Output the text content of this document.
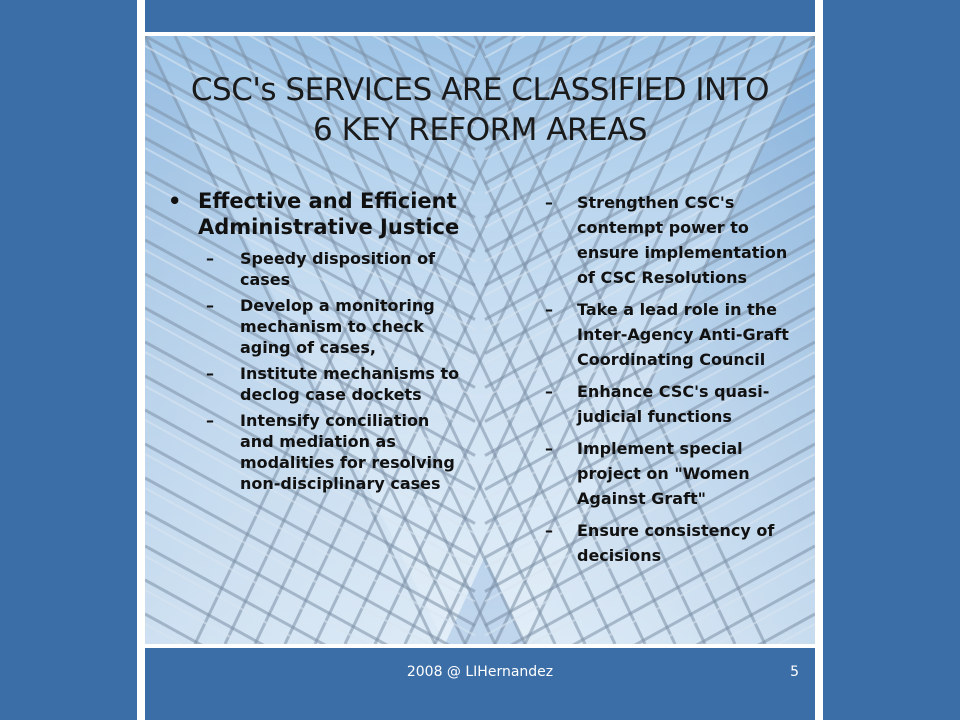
CSC's SERVICES ARE CLASSIFIED INTO
6 KEY REFORM AREAS
• Effective and Efficient Administrative Justice
–	Speedy disposition of cases
–	Develop a monitoring mechanism to check aging of cases,
–	Institute mechanisms to declog case dockets
–	Intensify conciliation and mediation as modalities for resolving non-disciplinary cases
–	Strengthen CSC's contempt power to ensure implementation of CSC Resolutions
–	Take a lead role in the Inter-Agency Anti-Graft Coordinating Council
–	Enhance CSC's quasi-judicial functions
–	Implement special project on "Women Against Graft"
–	Ensure consistency of decisions
2008 @ LIHernandez	5
